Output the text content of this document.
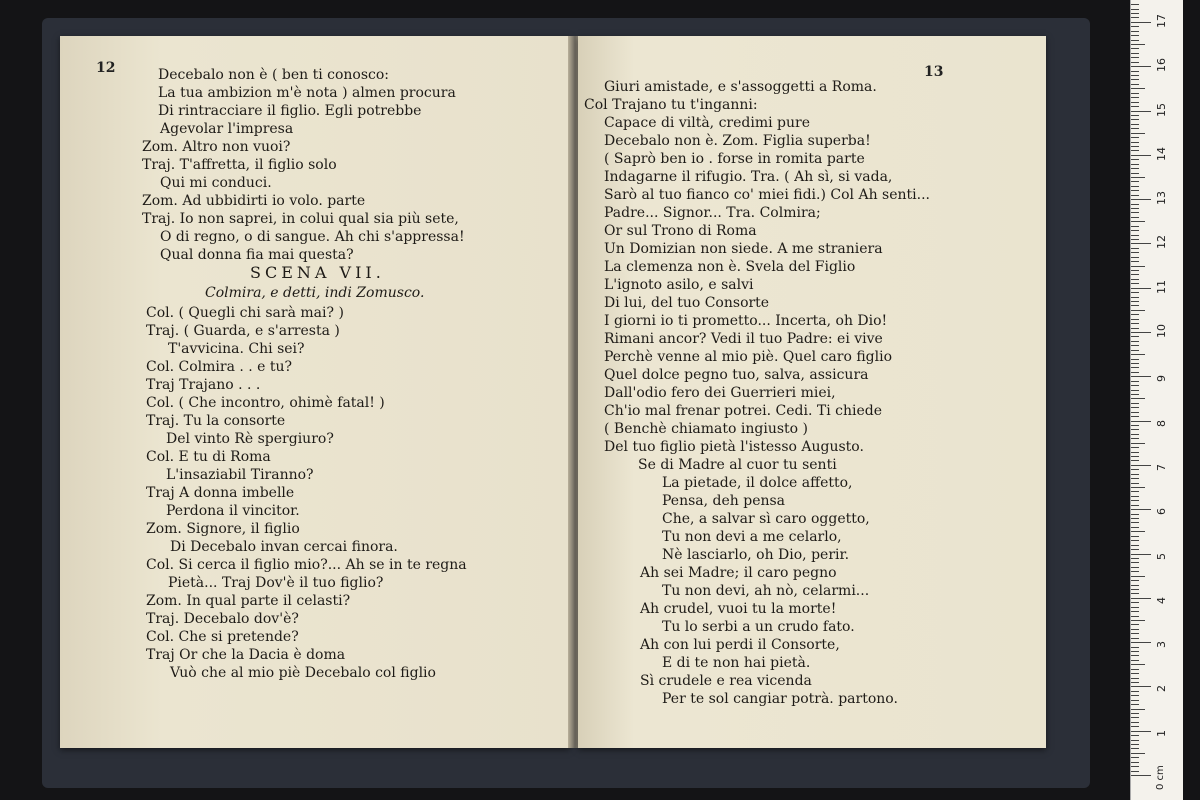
12	Decebalo non è ( ben ti conosco:
La tua ambizion m'è nota ) almen procura
Di rintracciare il figlio. Egli potrebbe
Agevolar l'impresa
Zom. Altro non vuoi?
Traj. T'affretta, il figlio solo
Qui mi conduci.
Zom. Ad ubbidirti io volo. parte
Traj. Io non saprei, in colui qual sia più sete,
O di regno, o di sangue. Ah chi s'appressa!
Qual donna fia mai questa?
SCENA VII.
Colmira, e detti, indi Zomusco.
Col. ( Quegli chi sarà mai? )
Traj. ( Guarda, e s'arresta )
T'avvicina. Chi sei?
Col. Colmira . . e tu?
Traj Trajano . . .
Col. ( Che incontro, ohimè fatal! )
Traj. Tu la consorte
Del vinto Rè spergiuro?
Col. E tu di Roma
L'insaziabil Tiranno?
Traj A donna imbelle
Perdona il vincitor.
Zom. Signore, il figlio
Di Decebalo invan cercai finora.
Col. Si cerca il figlio mio?... Ah se in te regna
Pietà... Traj Dov'è il tuo figlio?
Zom. In qual parte il celasti?
Traj. Decebalo dov'è?
Col. Che si pretende?
Traj Or che la Dacia è doma
Vuò che al mio piè Decebalo col figlio
13
Giuri amistade, e s'assoggetti a Roma.
Col Trajano tu t'inganni:
Capace di viltà, credimi pure
Decebalo non è. Zom. Figlia superba!
( Saprò ben io . forse in romita parte
Indagarne il rifugio. Tra. ( Ah sì, si vada,
Sarò al tuo fianco co' miei fidi.) Col Ah senti...
Padre... Signor... Tra. Colmira;
Or sul Trono di Roma
Un Domizian non siede. A me straniera
La clemenza non è. Svela del Figlio
L'ignoto asilo, e salvi
Di lui, del tuo Consorte
I giorni io ti prometto... Incerta, oh Dio!
Rimani ancor? Vedi il tuo Padre: ei vive
Perchè venne al mio piè. Quel caro figlio
Quel dolce pegno tuo, salva, assicura
Dall'odio fero dei Guerrieri miei,
Ch'io mal frenar potrei. Cedi. Ti chiede
( Benchè chiamato ingiusto )
Del tuo figlio pietà l'istesso Augusto.
Se di Madre al cuor tu senti
La pietade, il dolce affetto,
Pensa, deh pensa
Che, a salvar sì caro oggetto,
Tu non devi a me celarlo,
Nè lasciarlo, oh Dio, perir.
Ah sei Madre; il caro pegno
Tu non devi, ah nò, celarmi...
Ah crudel, vuoi tu la morte!
Tu lo serbi a un crudo fato.
Ah con lui perdi il Consorte,
E di te non hai pietà.
Sì crudele e rea vicenda
Per te sol cangiar potrà. partono.
0 cm
1
2
3
4
5
6
7
8
9
10
11
12
13
14
15
16
17
